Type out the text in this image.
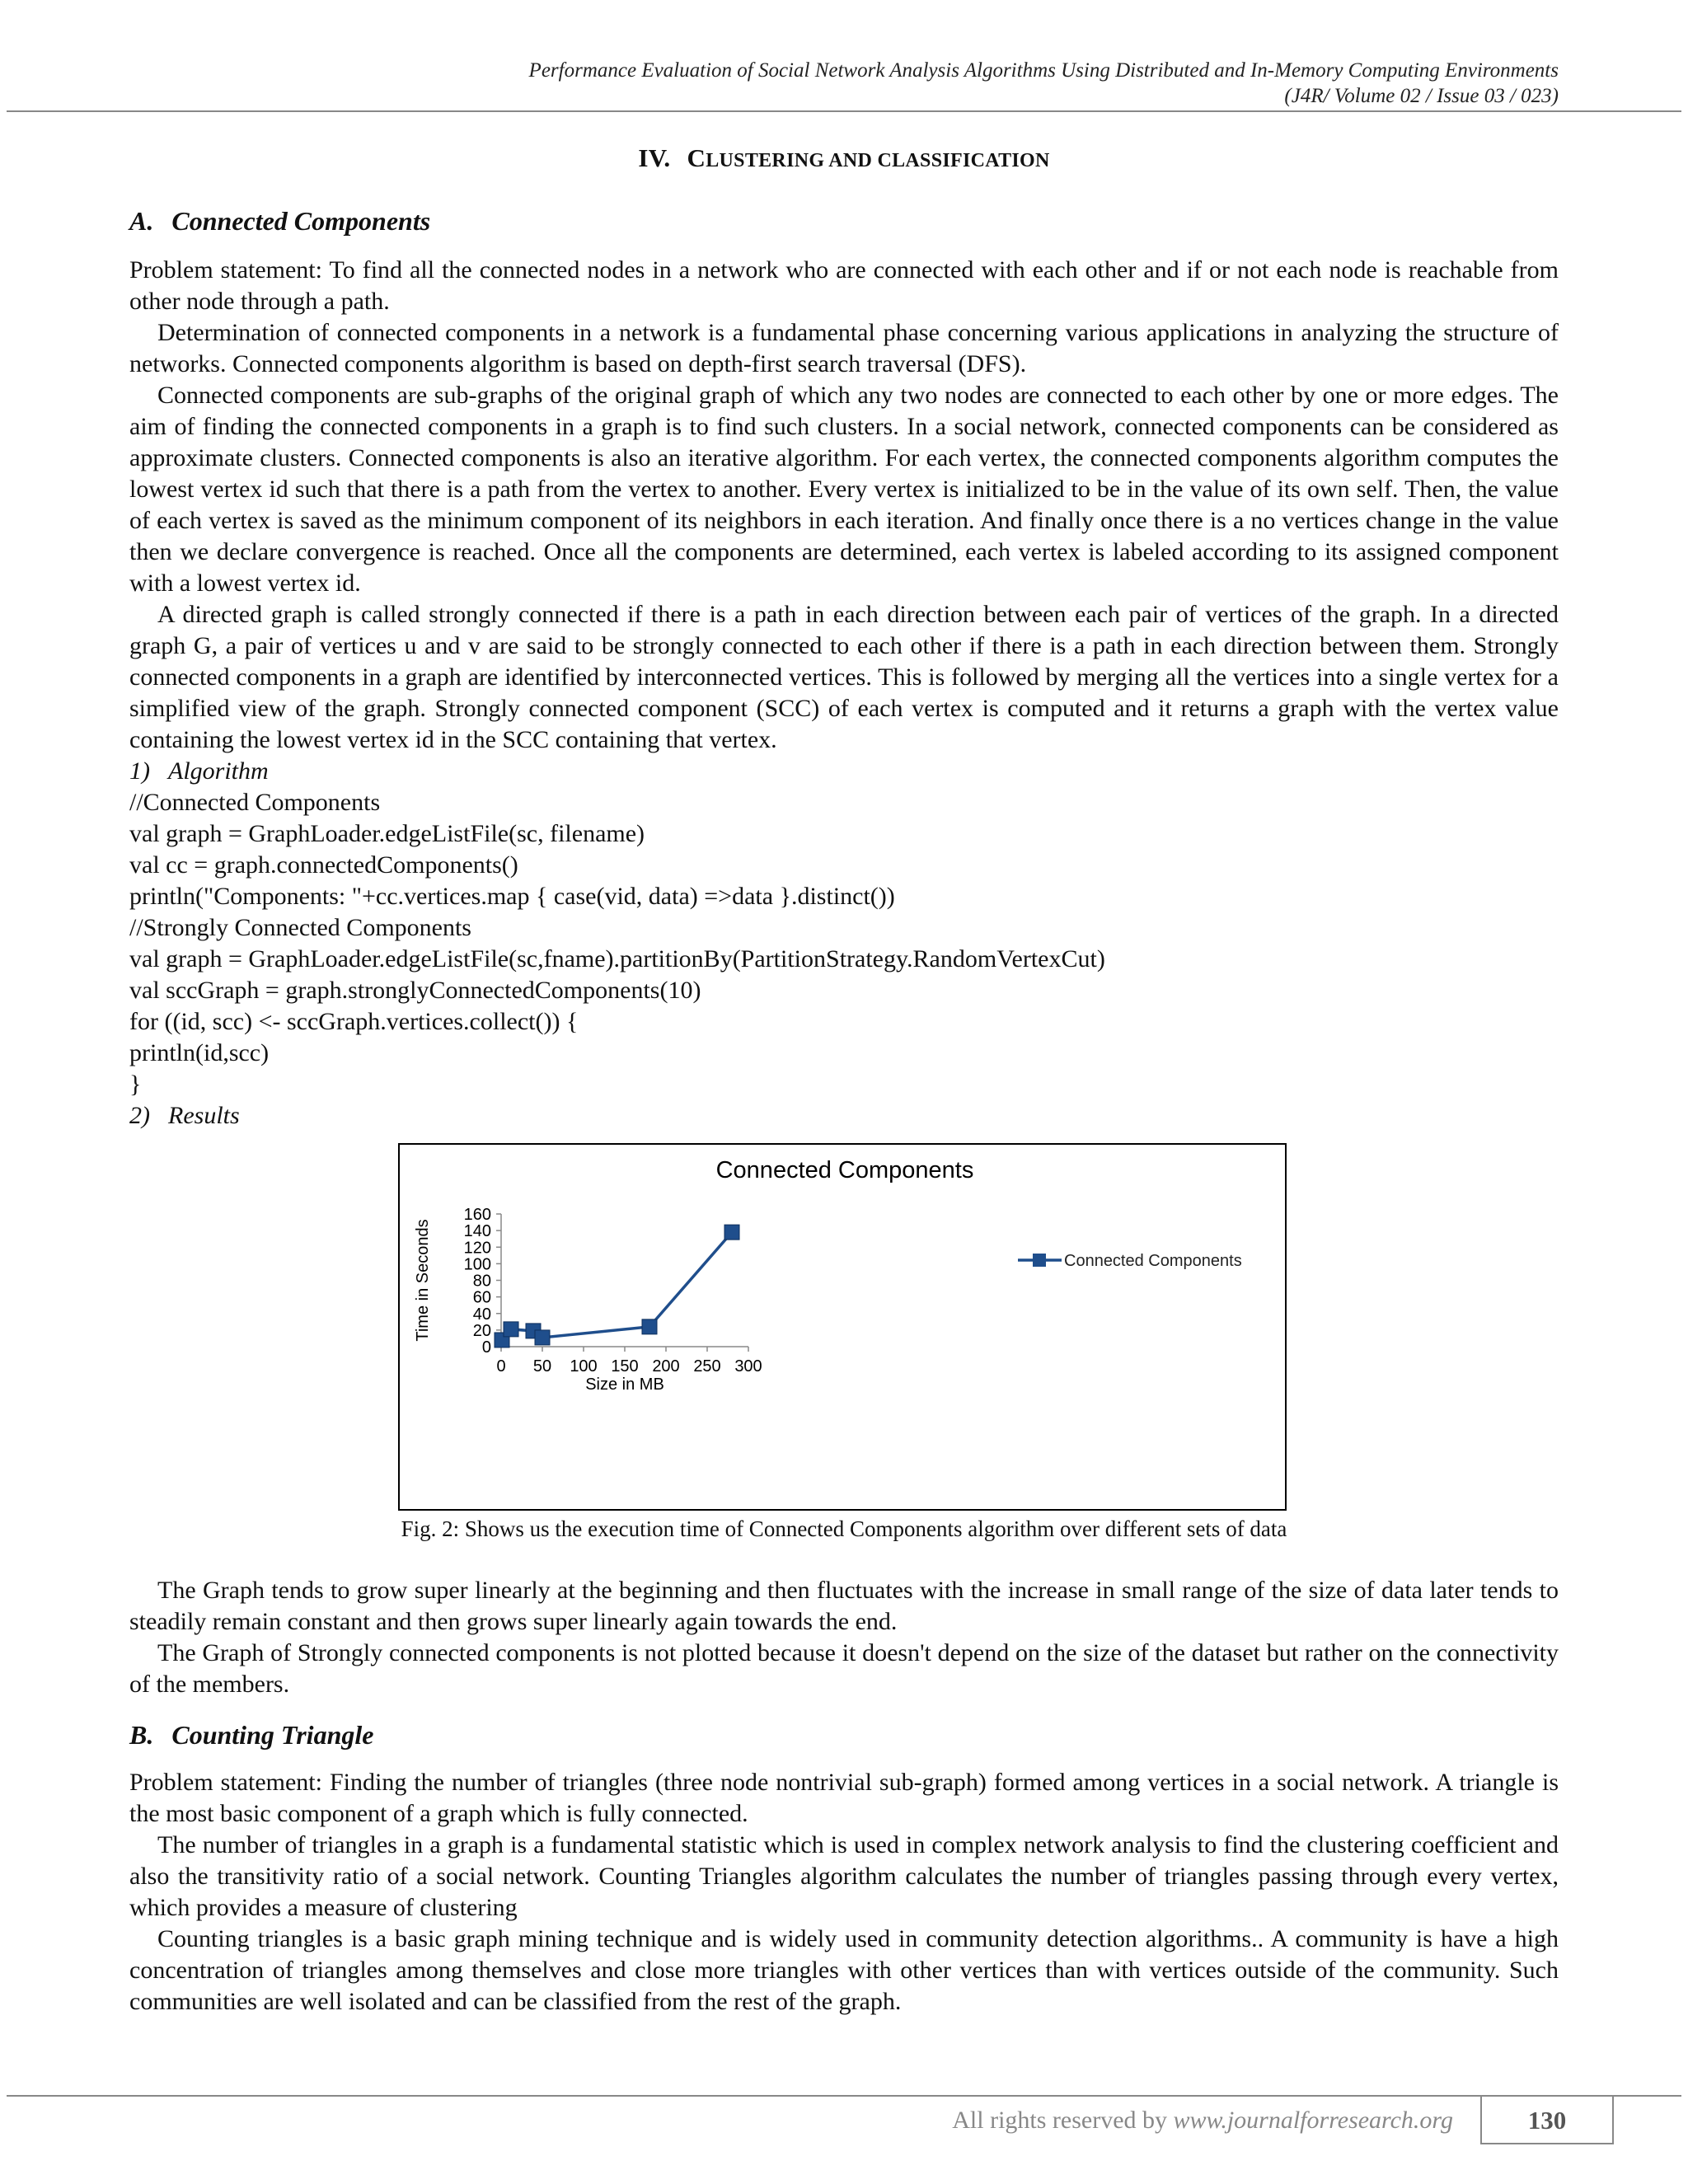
Performance Evaluation of Social Network Analysis Algorithms Using Distributed and In-Memory Computing Environments
(J4R/ Volume 02 / Issue 03 / 023)
IV. CLUSTERING AND CLASSIFICATION
A. Connected Components

Problem statement: To find all the connected nodes in a network who are connected with each other and if or not each node is reachable from other node through a path.

Determination of connected components in a network is a fundamental phase concerning various applications in analyzing the structure of networks. Connected components algorithm is based on depth-first search traversal (DFS).

Connected components are sub-graphs of the original graph of which any two nodes are connected to each other by one or more edges. The aim of finding the connected components in a graph is to find such clusters. In a social network, connected components can be considered as approximate clusters. Connected components is also an iterative algorithm. For each vertex, the connected components algorithm computes the lowest vertex id such that there is a path from the vertex to another. Every vertex is initialized to be in the value of its own self. Then, the value of each vertex is saved as the minimum component of its neighbors in each iteration. And finally once there is a no vertices change in the value then we declare convergence is reached. Once all the components are determined, each vertex is labeled according to its assigned component with a lowest vertex id.

A directed graph is called strongly connected if there is a path in each direction between each pair of vertices of the graph. In a directed graph G, a pair of vertices u and v are said to be strongly connected to each other if there is a path in each direction between them. Strongly connected components in a graph are identified by interconnected vertices. This is followed by merging all the vertices into a single vertex for a simplified view of the graph. Strongly connected component (SCC) of each vertex is computed and it returns a graph with the vertex value containing the lowest vertex id in the SCC containing that vertex.

1) Algorithm
//Connected Components
val graph = GraphLoader.edgeListFile(sc, filename)
val cc = graph.connectedComponents()
println("Components: "+cc.vertices.map { case(vid, data) =>data }.distinct())
//Strongly Connected Components
val graph = GraphLoader.edgeListFile(sc,fname).partitionBy(PartitionStrategy.RandomVertexCut)
val sccGraph = graph.stronglyConnectedComponents(10)
for ((id, scc) <- sccGraph.vertices.collect()) {
println(id,scc)
}
2) Results
Connected Components
Time in Seconds
Size in MB
0
20
40
60
80
100
120
140
160
0 50 100 150 200 250 300
Connected Components
Fig. 2: Shows us the execution time of Connected Components algorithm over different sets of data

The Graph tends to grow super linearly at the beginning and then fluctuates with the increase in small range of the size of data later tends to steadily remain constant and then grows super linearly again towards the end.

The Graph of Strongly connected components is not plotted because it doesn't depend on the size of the dataset but rather on the connectivity of the members.

B. Counting Triangle

Problem statement: Finding the number of triangles (three node nontrivial sub-graph) formed among vertices in a social network. A triangle is the most basic component of a graph which is fully connected.

The number of triangles in a graph is a fundamental statistic which is used in complex network analysis to find the clustering coefficient and also the transitivity ratio of a social network. Counting Triangles algorithm calculates the number of triangles passing through every vertex, which provides a measure of clustering

Counting triangles is a basic graph mining technique and is widely used in community detection algorithms.. A community is have a high concentration of triangles among themselves and close more triangles with other vertices than with vertices outside of the community. Such communities are well isolated and can be classified from the rest of the graph.

All rights reserved by www.journalforresearch.org	130
